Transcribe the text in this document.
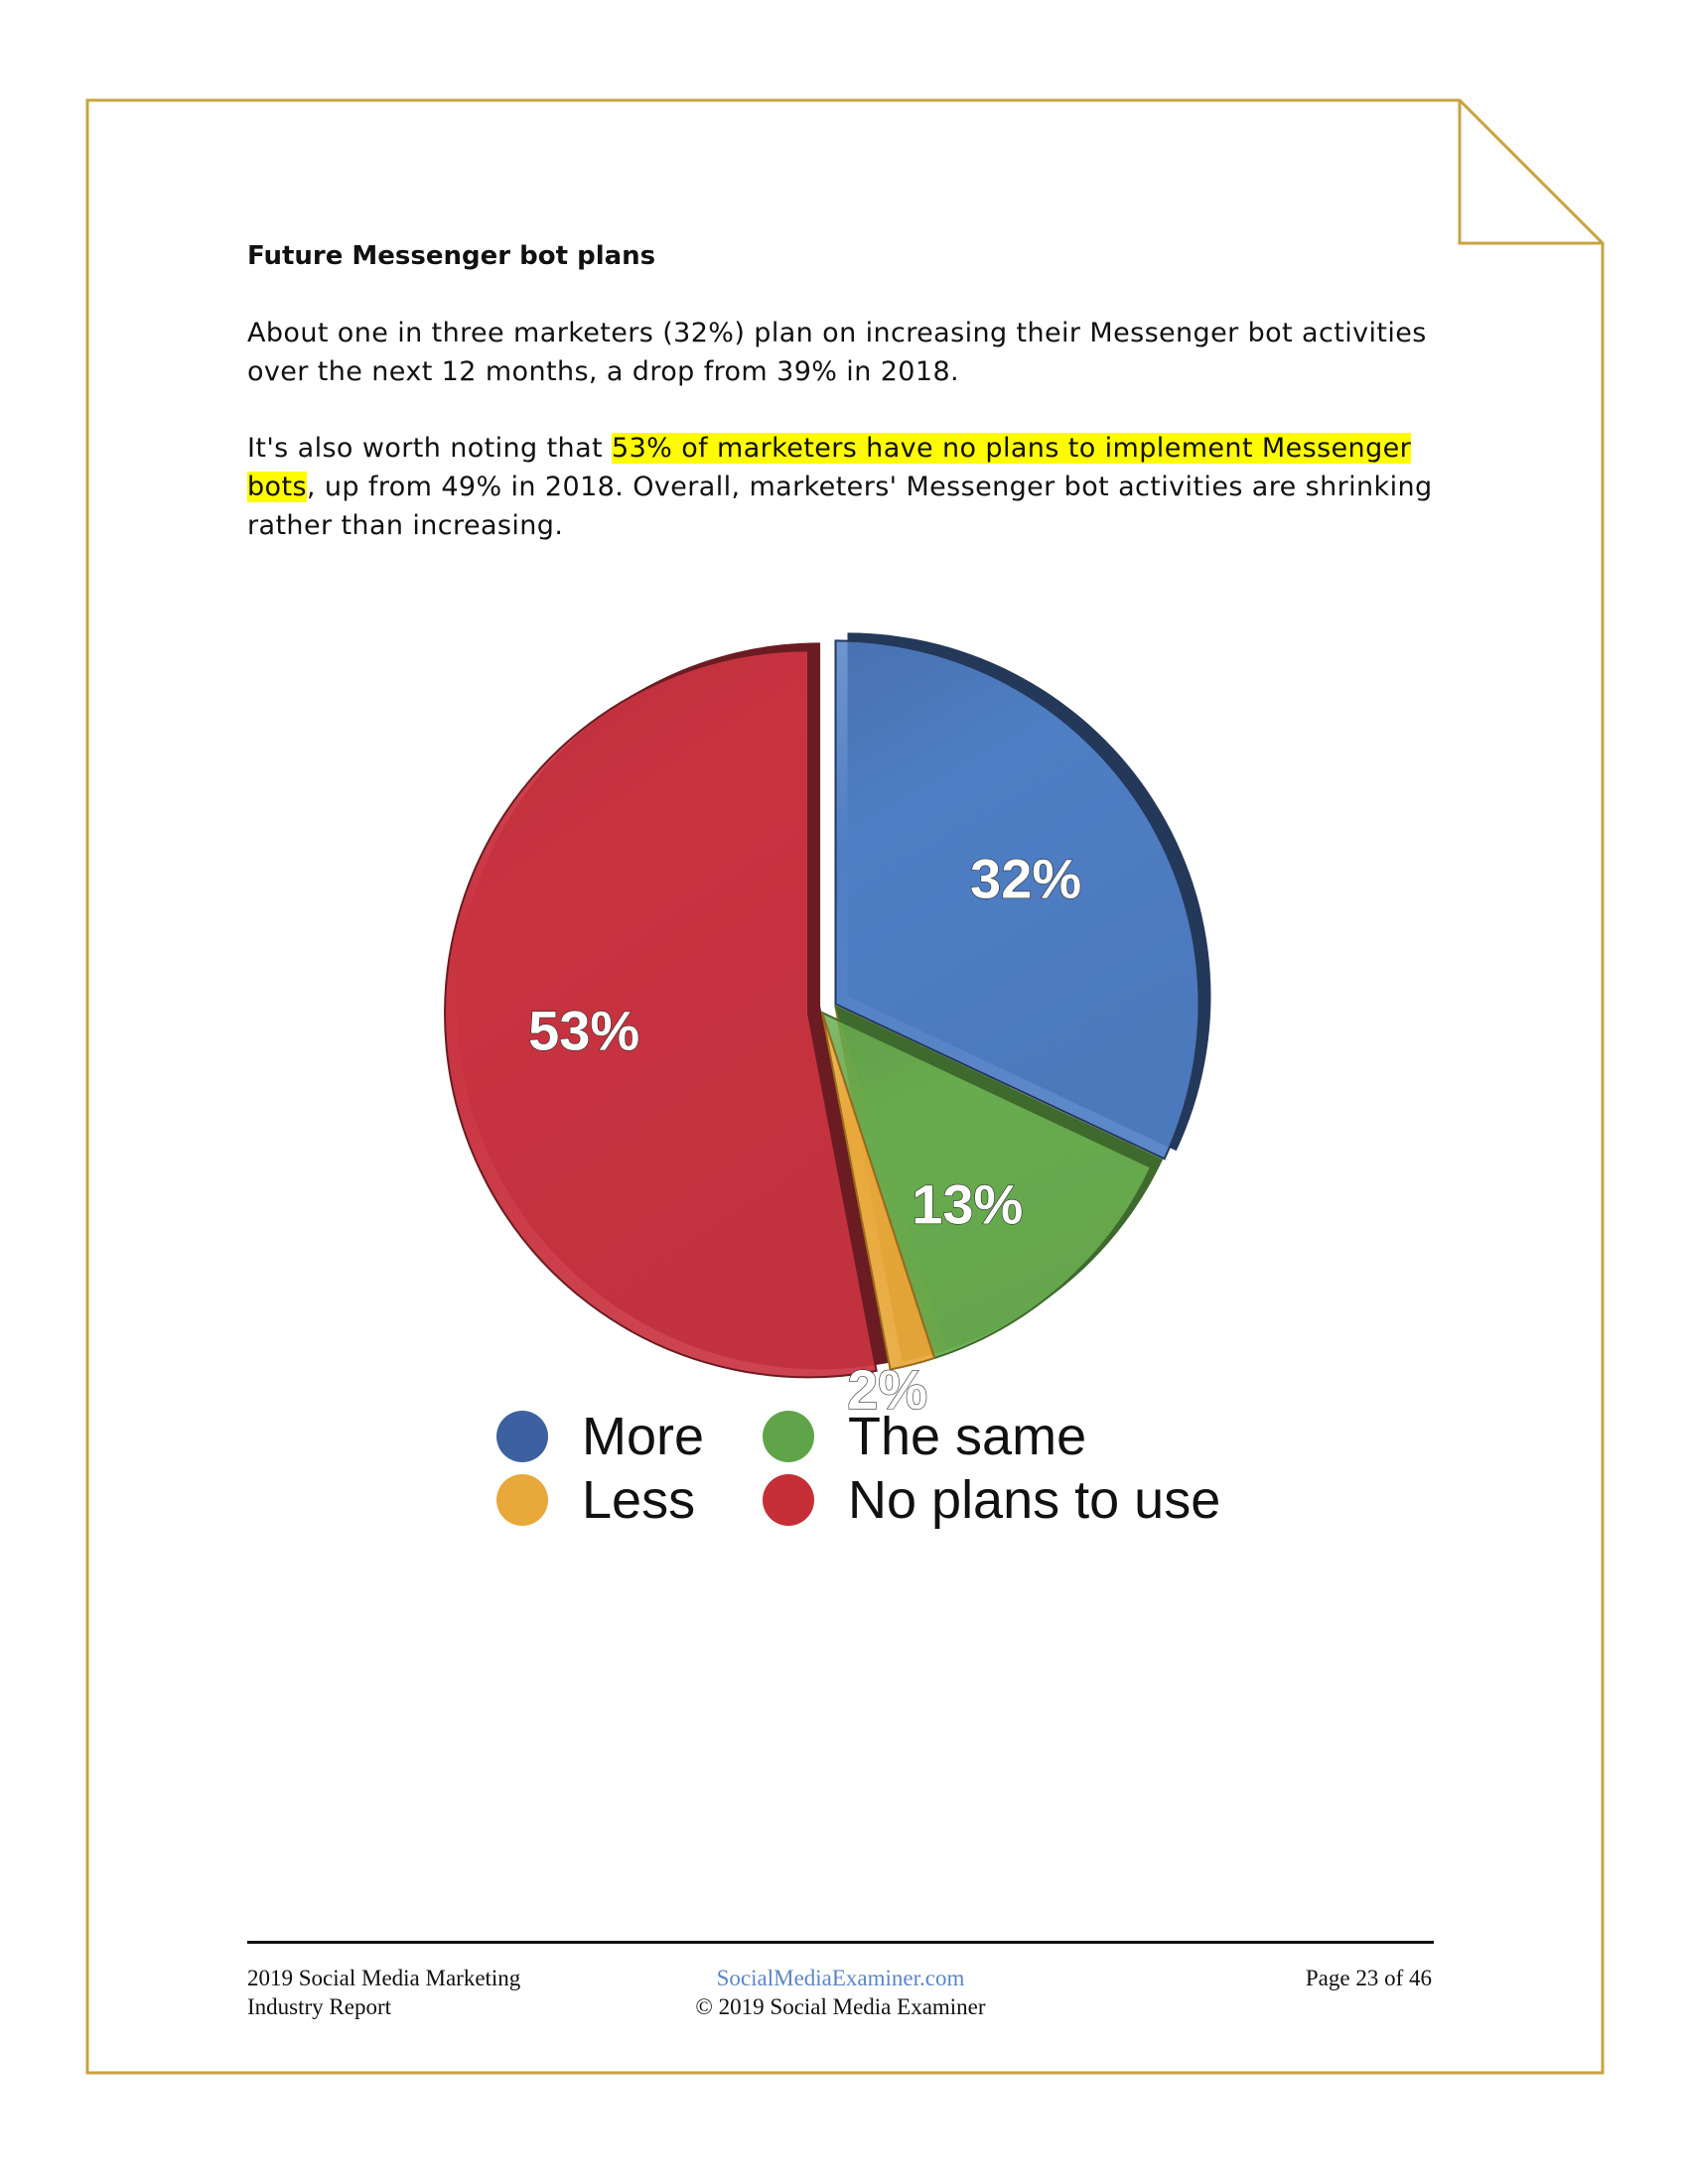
Future Messenger bot plans

About one in three marketers (32%) plan on increasing their Messenger bot activities over the next 12 months, a drop from 39% in 2018.

It's also worth noting that 53% of marketers have no plans to implement Messenger bots, up from 49% in 2018. Overall, marketers' Messenger bot activities are shrinking rather than increasing.

32%
13%
2%
53%
More	The same
Less	No plans to use
2019 Social Media Marketing
Industry Report
SocialMediaExaminer.com
© 2019 Social Media Examiner
Page 23 of 46
